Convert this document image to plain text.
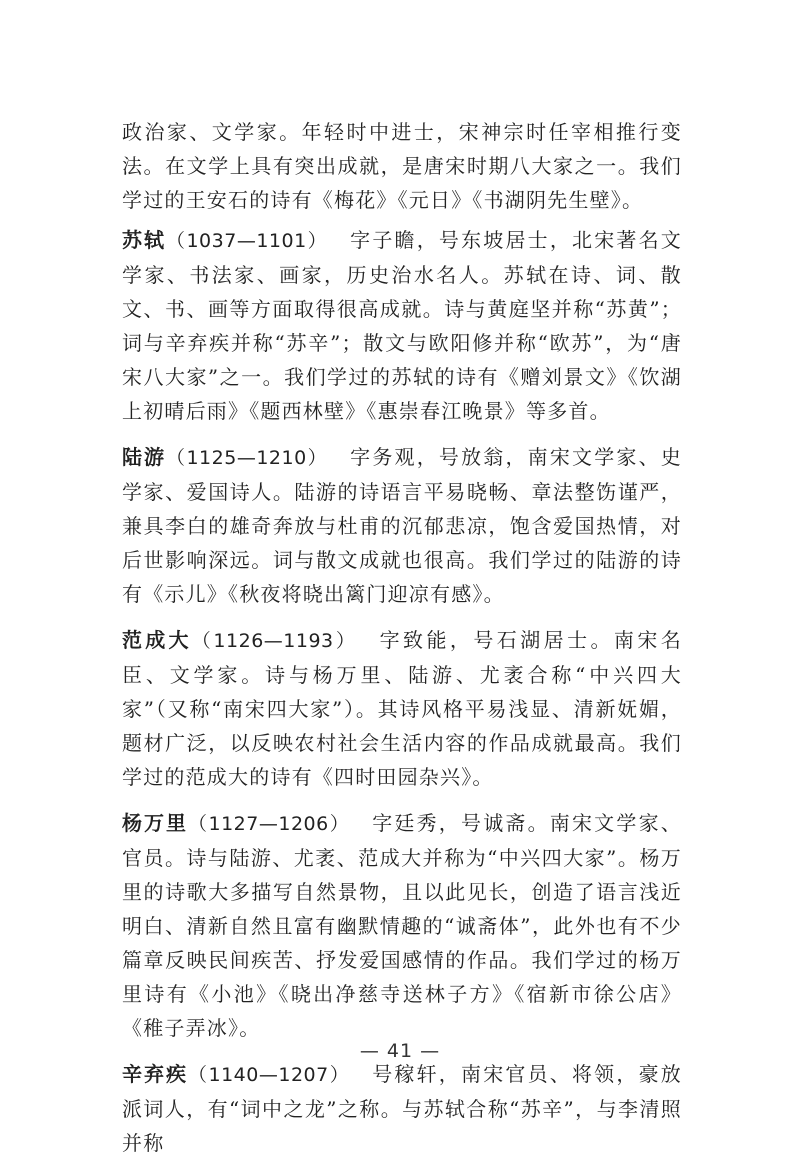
政治家、文学家。年轻时中进士，宋神宗时任宰相推行变法。在文学上具有突出成就，是唐宋时期八大家之一。我们学过的王安石的诗有《梅花》《元日》《书湖阴先生壁》。

苏轼（1037—1101） 字子瞻，号东坡居士，北宋著名文学家、书法家、画家，历史治水名人。苏轼在诗、词、散文、书、画等方面取得很高成就。诗与黄庭坚并称“苏黄”；词与辛弃疾并称“苏辛”；散文与欧阳修并称“欧苏”，为“唐宋八大家”之一。我们学过的苏轼的诗有《赠刘景文》《饮湖上初晴后雨》《题西林壁》《惠崇春江晚景》等多首。

陆游（1125—1210） 字务观，号放翁，南宋文学家、史学家、爱国诗人。陆游的诗语言平易晓畅、章法整饬谨严，兼具李白的雄奇奔放与杜甫的沉郁悲凉，饱含爱国热情，对后世影响深远。词与散文成就也很高。我们学过的陆游的诗有《示儿》《秋夜将晓出篱门迎凉有感》。

范成大（1126—1193） 字致能，号石湖居士。南宋名臣、文学家。诗与杨万里、陆游、尤袤合称“中兴四大家”（又称“南宋四大家”）。其诗风格平易浅显、清新妩媚，题材广泛，以反映农村社会生活内容的作品成就最高。我们学过的范成大的诗有《四时田园杂兴》。

杨万里（1127—1206） 字廷秀，号诚斋。南宋文学家、官员。诗与陆游、尤袤、范成大并称为“中兴四大家”。杨万里的诗歌大多描写自然景物，且以此见长，创造了语言浅近明白、清新自然且富有幽默情趣的“诚斋体”，此外也有不少篇章反映民间疾苦、抒发爱国感情的作品。我们学过的杨万里诗有《小池》《晓出净慈寺送林子方》《宿新市徐公店》《稚子弄冰》。

辛弃疾（1140—1207） 号稼轩，南宋官员、将领，豪放派词人，有“词中之龙”之称。与苏轼合称“苏辛”，与李清照并称

— 41 —
